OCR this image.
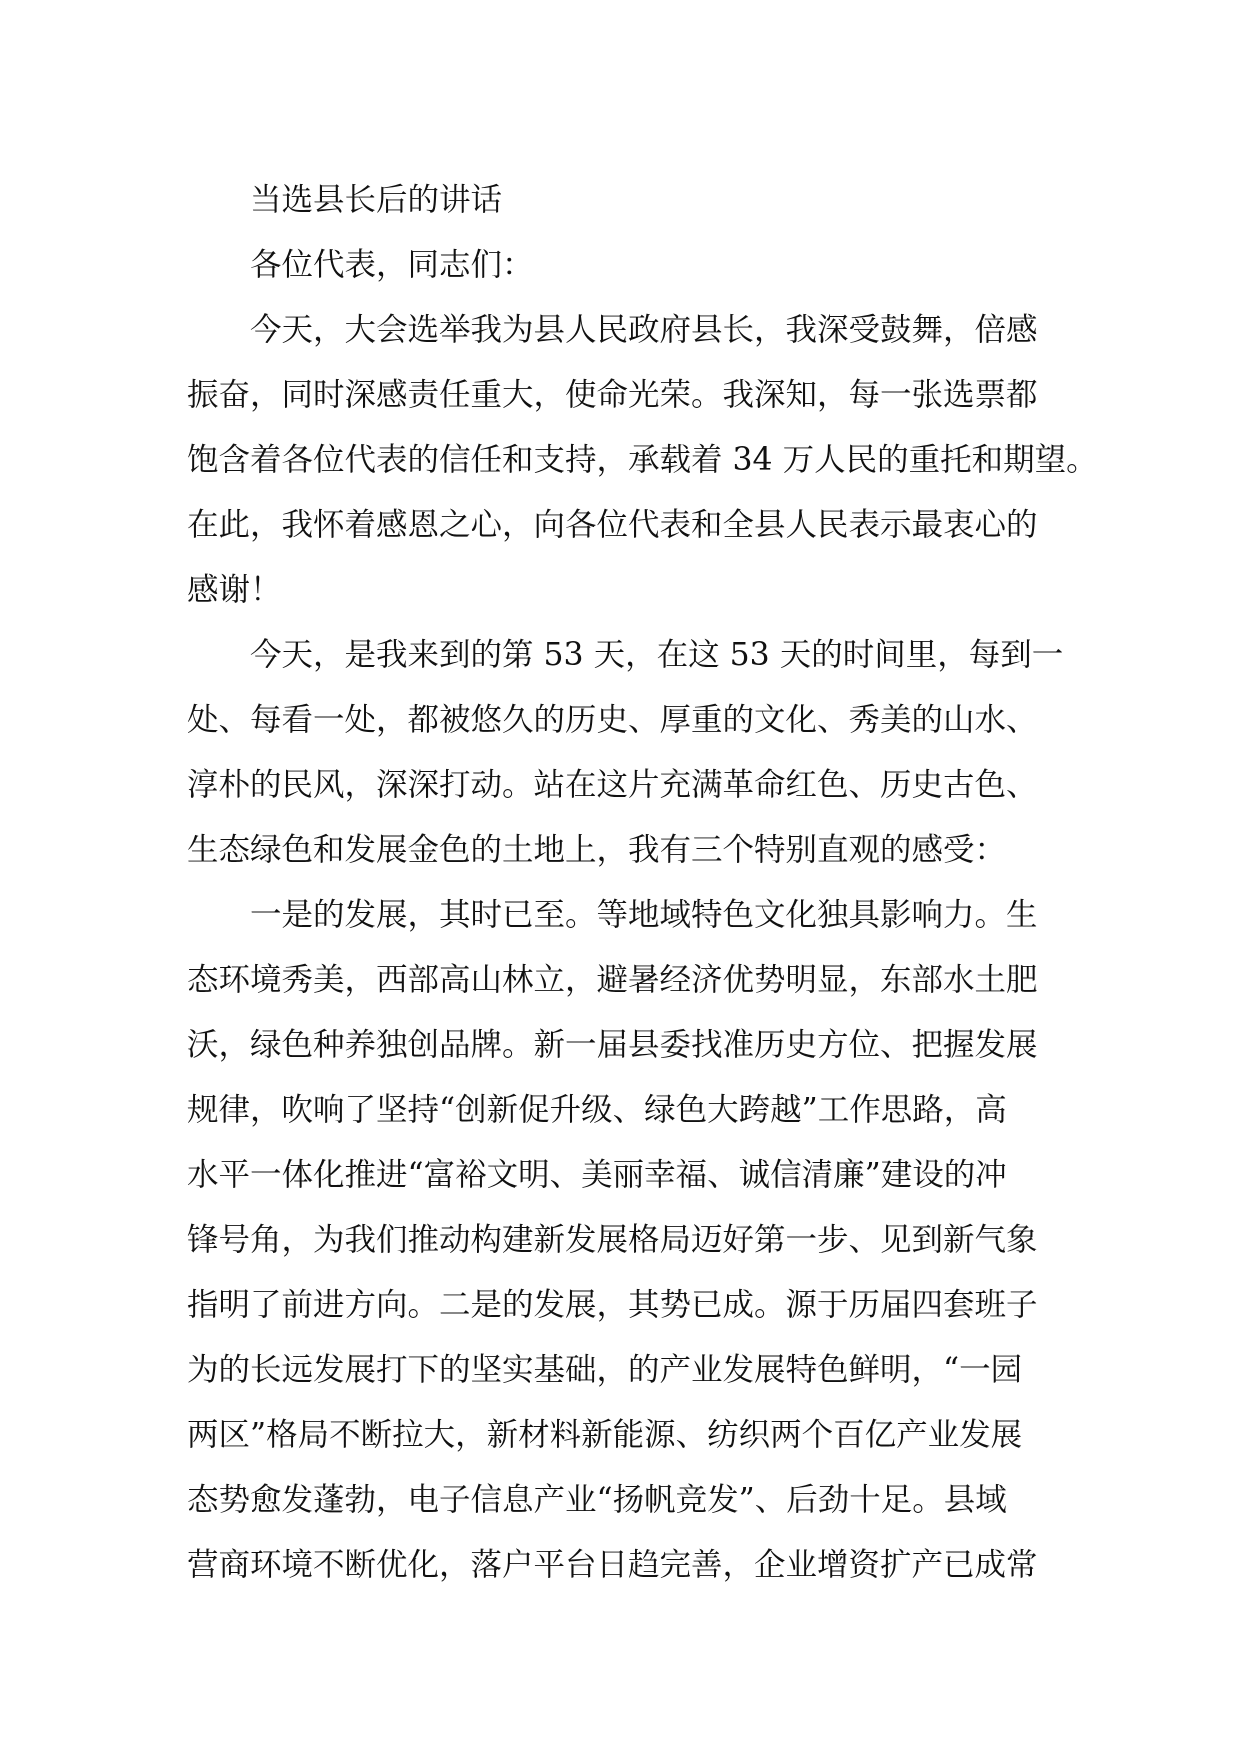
当选县长后的讲话
各位代表，同志们：
今天，大会选举我为县人民政府县长，我深受鼓舞，倍感
振奋，同时深感责任重大，使命光荣。我深知，每一张选票都
饱含着各位代表的信任和支持，承载着 34 万人民的重托和期望。
在此，我怀着感恩之心，向各位代表和全县人民表示最衷心的
感谢！
今天，是我来到的第 53 天，在这 53 天的时间里，每到一
处、每看一处，都被悠久的历史、厚重的文化、秀美的山水、
淳朴的民风，深深打动。站在这片充满革命红色、历史古色、
生态绿色和发展金色的土地上，我有三个特别直观的感受：
一是的发展，其时已至。等地域特色文化独具影响力。生
态环境秀美，西部高山林立，避暑经济优势明显，东部水土肥
沃，绿色种养独创品牌。新一届县委找准历史方位、把握发展
规律，吹响了坚持“创新促升级、绿色大跨越”工作思路，高
水平一体化推进“富裕文明、美丽幸福、诚信清廉”建设的冲
锋号角，为我们推动构建新发展格局迈好第一步、见到新气象
指明了前进方向。二是的发展，其势已成。源于历届四套班子
为的长远发展打下的坚实基础，的产业发展特色鲜明，“一园
两区”格局不断拉大，新材料新能源、纺织两个百亿产业发展
态势愈发蓬勃，电子信息产业“扬帆竞发”、后劲十足。县域
营商环境不断优化，落户平台日趋完善，企业增资扩产已成常
